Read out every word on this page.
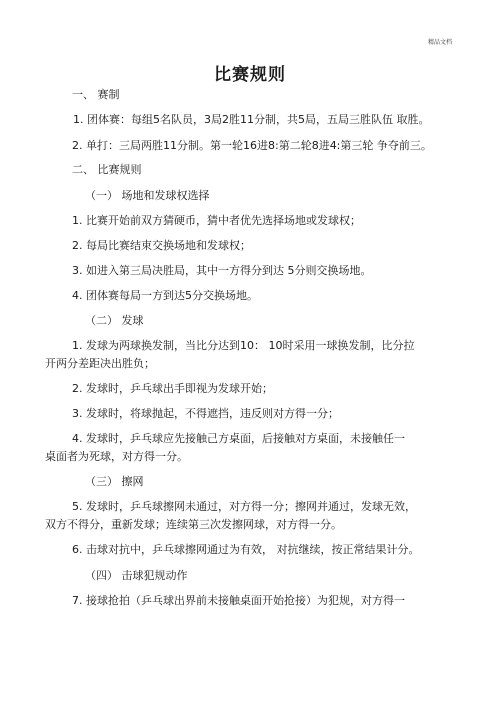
精品文档
比赛规则
一、 赛制
1. 团体赛：每组5名队员，3局2胜11分制，共5局，五局三胜队伍 取胜。
2. 单打：三局两胜11分制。第一轮16进8:第二轮8进4:第三轮 争夺前三。
二、 比赛规则
（一） 场地和发球权选择
1. 比赛开始前双方猜硬币，猜中者优先选择场地或发球权；
2. 每局比赛结束交换场地和发球权；
3. 如进入第三局决胜局，其中一方得分到达 5分则交换场地。
4. 团体赛每局一方到达5分交换场地。
（二） 发球
1. 发球为两球换发制，当比分达到10： 10时采用一球换发制，比分拉
开两分差距决出胜负；
2. 发球时，乒乓球出手即视为发球开始；
3. 发球时，将球抛起，不得遮挡，违反则对方得一分；
4. 发球时，乒乓球应先接触己方桌面，后接触对方桌面，未接触任一
桌面者为死球，对方得一分。
（三） 擦网
5. 发球时，乒乓球擦网未通过，对方得一分；擦网并通过，发球无效，
双方不得分，重新发球；连续第三次发擦网球，对方得一分。
6. 击球对抗中，乒乓球擦网通过为有效， 对抗继续，按正常结果计分。
（四） 击球犯规动作
7. 接球抢拍（乒乓球出界前未接触桌面开始抢接）为犯规，对方得一
